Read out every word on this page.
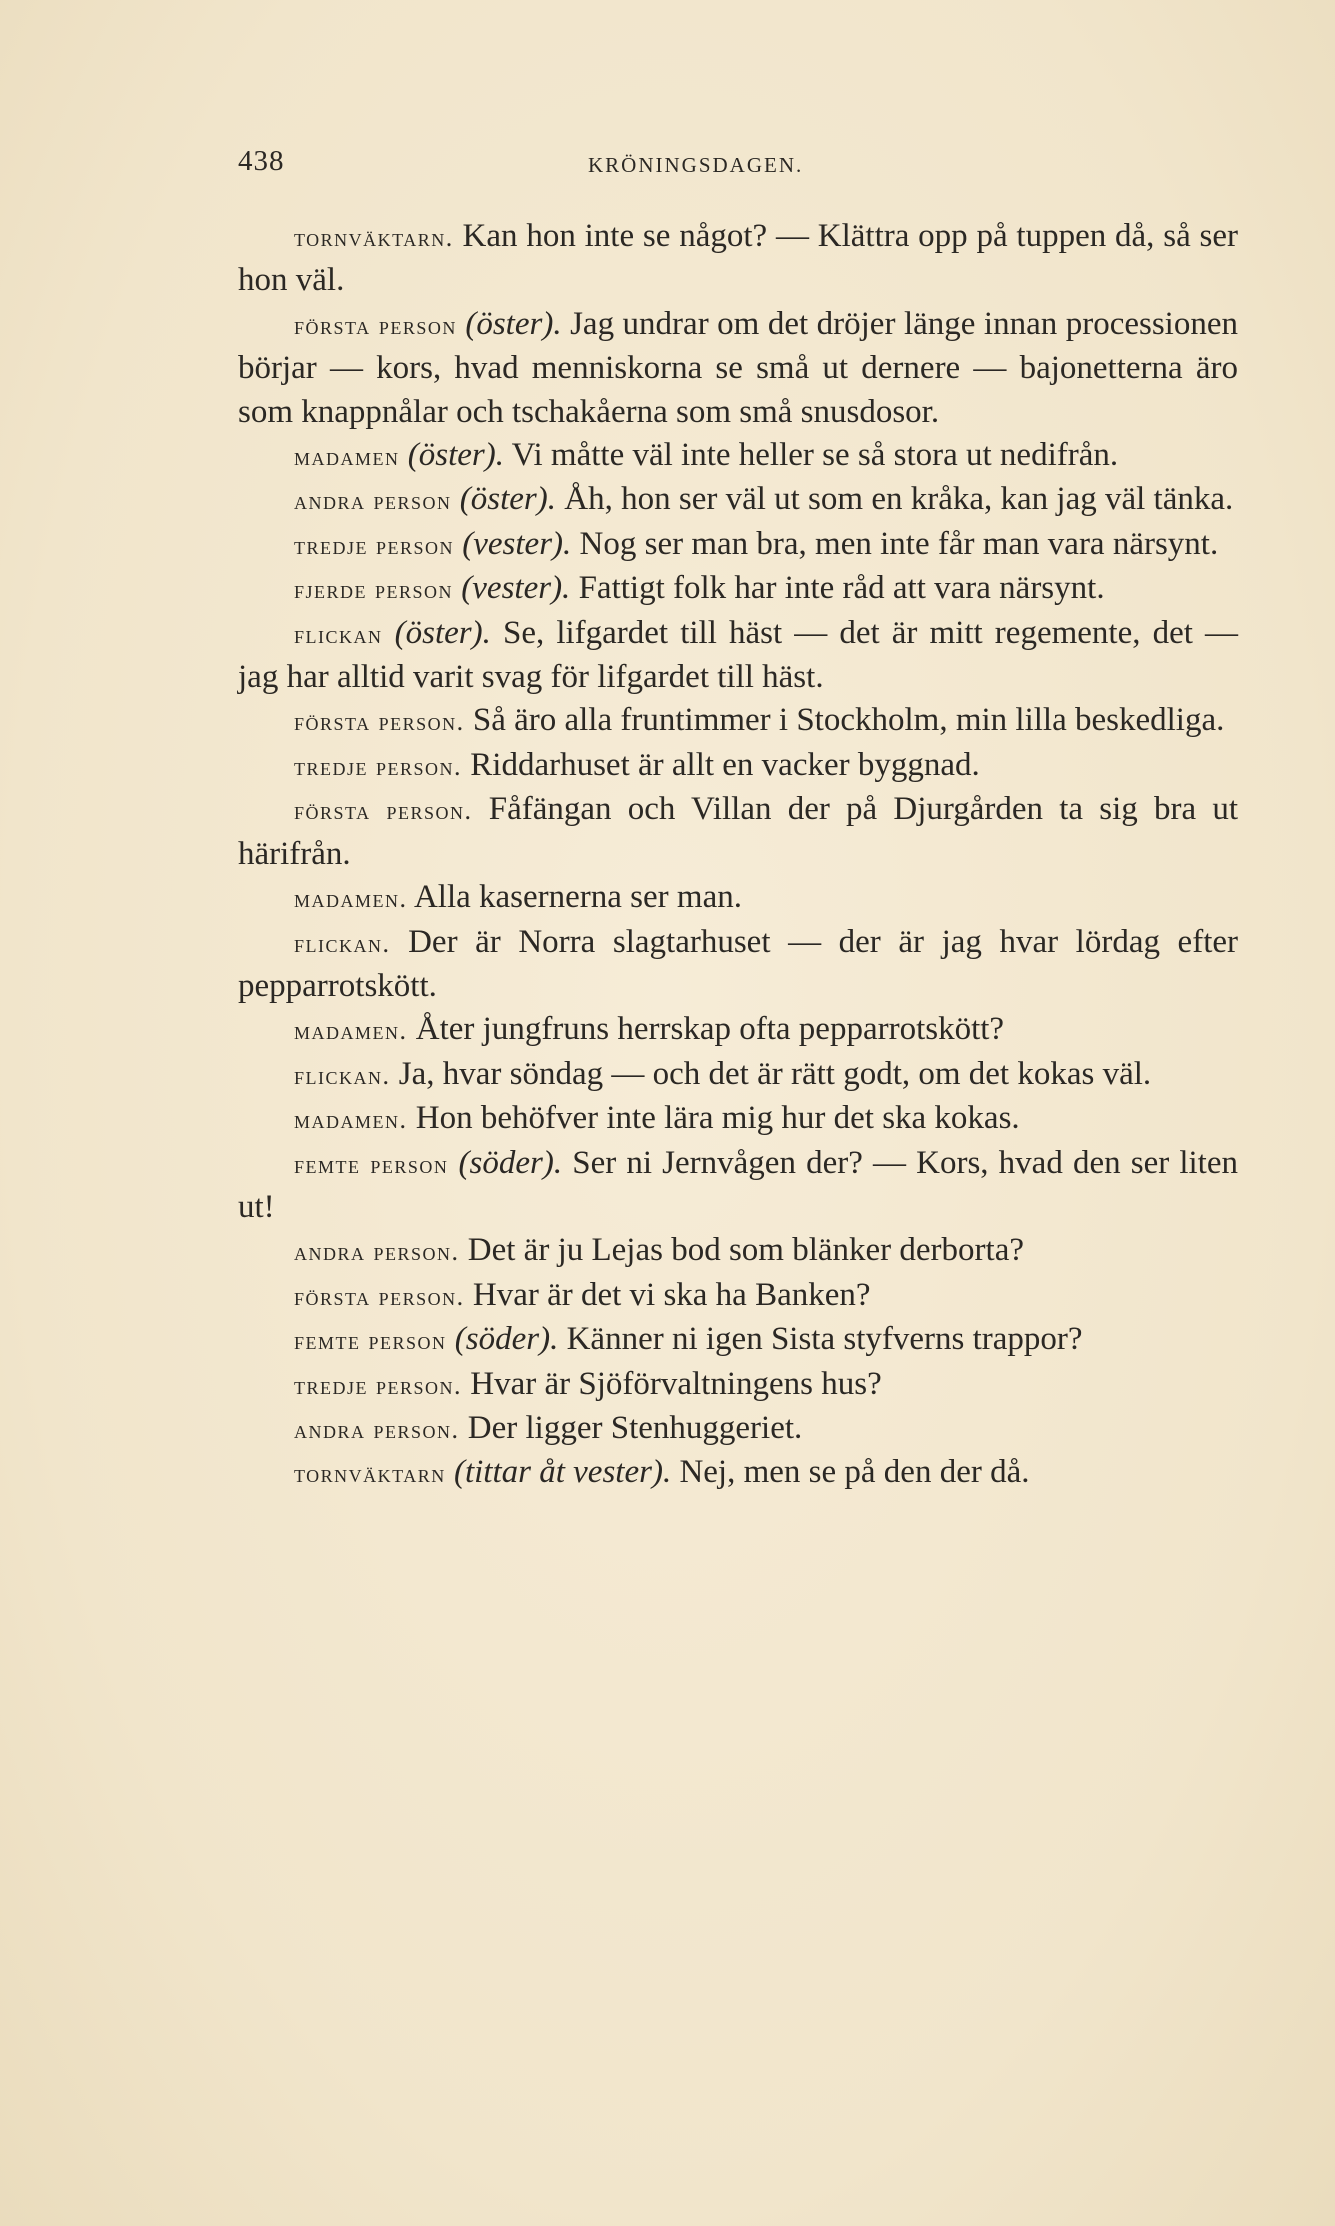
438	KRÖNINGSDAGEN.

tornväktarn. Kan hon inte se något? — Klättra opp på tuppen då, så ser hon väl.

första person (öster). Jag undrar om det dröjer länge innan processionen börjar — kors, hvad menniskorna se små ut dernere — bajonetterna äro som knappnålar och tschakåerna som små snusdosor.

madamen (öster). Vi måtte väl inte heller se så stora ut nedifrån.

andra person (öster). Åh, hon ser väl ut som en kråka, kan jag väl tänka.

tredje person (vester). Nog ser man bra, men inte får man vara närsynt.

fjerde person (vester). Fattigt folk har inte råd att vara närsynt.

flickan (öster). Se, lifgardet till häst — det är mitt regemente, det — jag har alltid varit svag för lifgardet till häst.

första person. Så äro alla fruntimmer i Stockholm, min lilla beskedliga.

tredje person. Riddarhuset är allt en vacker byggnad.

första person. Fåfängan och Villan der på Djurgården ta sig bra ut härifrån.

madamen. Alla kasernerna ser man.

flickan. Der är Norra slagtarhuset — der är jag hvar lördag efter pepparrotskött.

madamen. Åter jungfruns herrskap ofta pepparrotskött?

flickan. Ja, hvar söndag — och det är rätt godt, om det kokas väl.

madamen. Hon behöfver inte lära mig hur det ska kokas.

femte person (söder). Ser ni Jernvågen der? — Kors, hvad den ser liten ut!

andra person. Det är ju Lejas bod som blänker derborta?

första person. Hvar är det vi ska ha Banken?

femte person (söder). Känner ni igen Sista styfverns trappor?

tredje person. Hvar är Sjöförvaltningens hus?

andra person. Der ligger Stenhuggeriet.

tornväktarn (tittar åt vester). Nej, men se på den der då.
